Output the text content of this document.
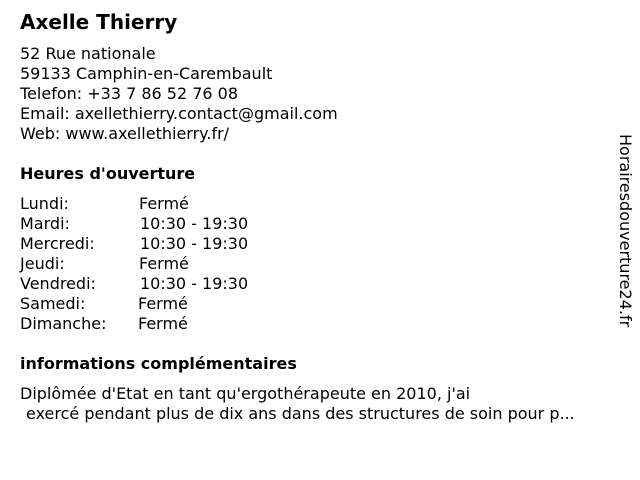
Axelle Thierry
52 Rue nationale
59133 Camphin-en-Carembault
Telefon: +33 7 86 52 76 08
Email: axellethierry.contact@gmail.com
Web: www.axellethierry.fr/
Heures d'ouverture
Lundi:	Fermé
Mardi:	10:30 - 19:30
Mercredi:	10:30 - 19:30
Jeudi:	Fermé
Vendredi:	10:30 - 19:30
Samedi:	Fermé
Dimanche: Fermé
informations complémentaires
Diplômée d'Etat en tant qu'ergothérapeute en 2010, j'ai
exercé pendant plus de dix ans dans des structures de soin pour p...
Horairesdouverture24.fr
